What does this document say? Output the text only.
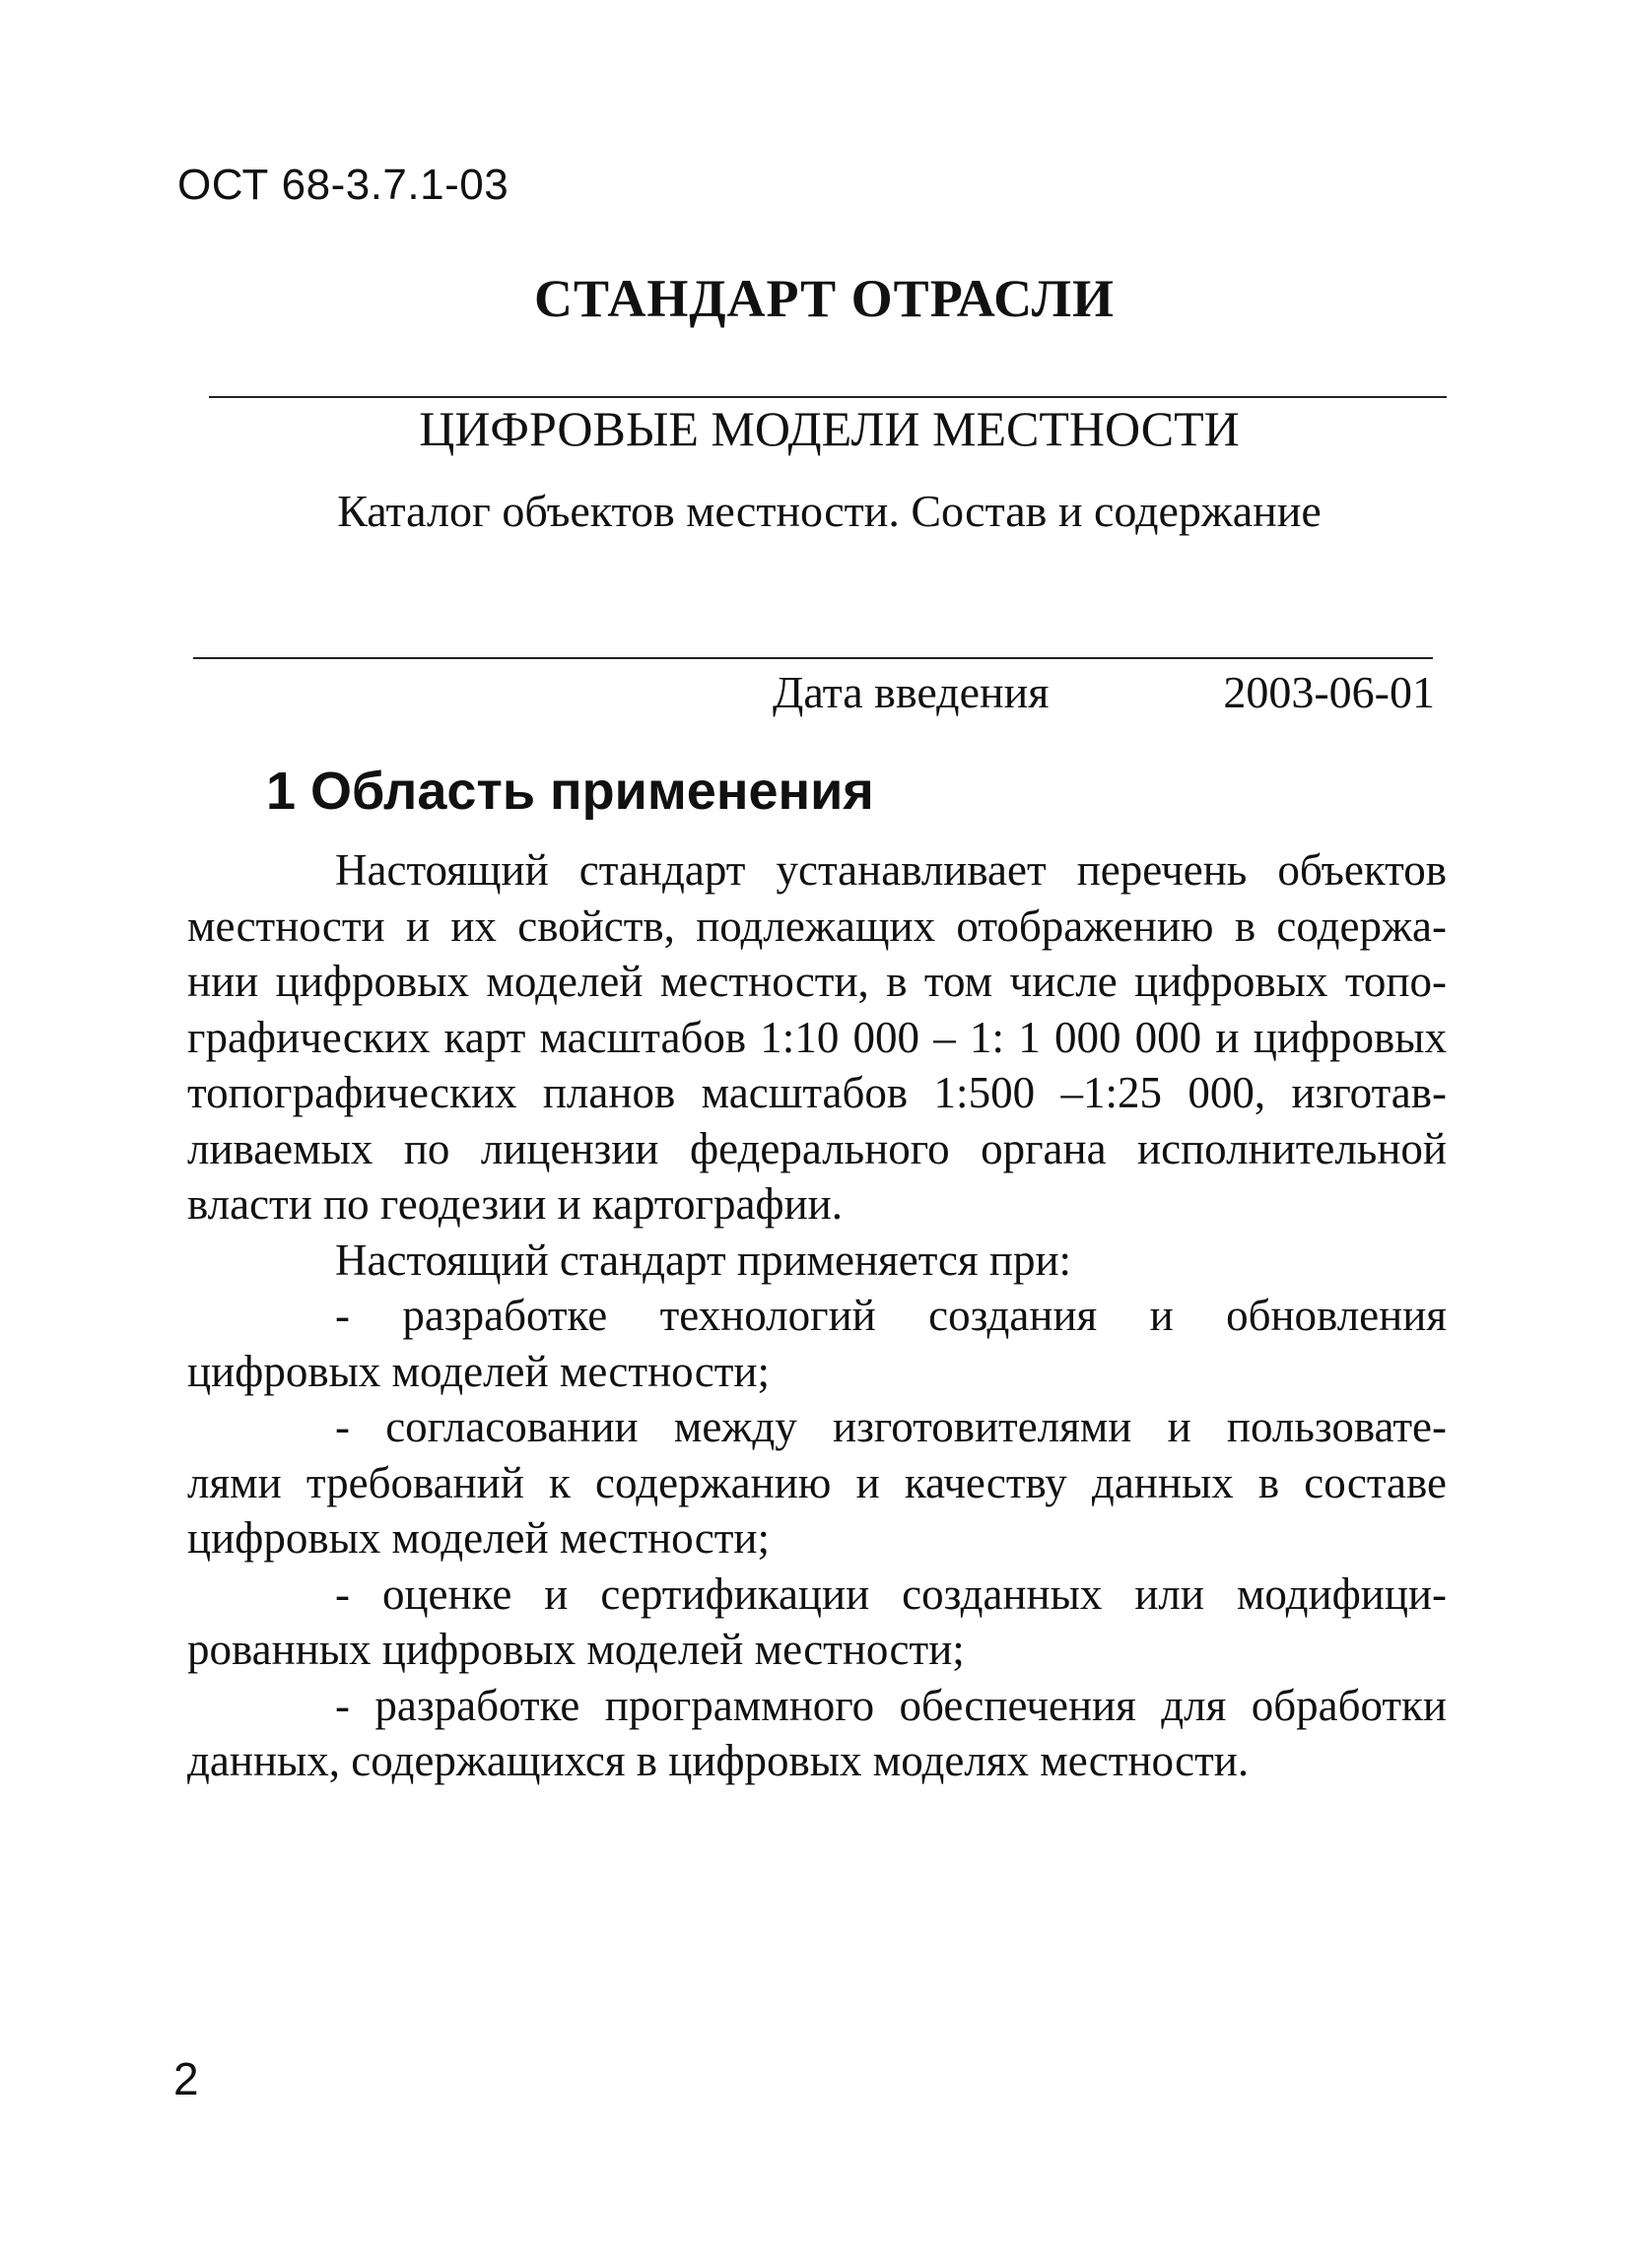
ОСТ 68-3.7.1-03
СТАНДАРТ ОТРАСЛИ
ЦИФРОВЫЕ МОДЕЛИ МЕСТНОСТИ
Каталог объектов местности. Состав и содержание
Дата введения	2003-06-01
1 Область применения
Настоящий стандарт устанавливает перечень объектов
местности и их свойств, подлежащих отображению в содержа-
нии цифровых моделей местности, в том числе цифровых топо-
графических карт масштабов 1:10 000 – 1: 1 000 000 и цифровых
топографических планов масштабов 1:500 –1:25 000, изготав-
ливаемых по лицензии федерального органа исполнительной
власти по геодезии и картографии.
Настоящий стандарт применяется при:
- разработке технологий создания и обновления
цифровых моделей местности;
- согласовании между изготовителями и пользовате-
лями требований к содержанию и качеству данных в составе
цифровых моделей местности;
- оценке и сертификации созданных или модифици-
рованных цифровых моделей местности;
- разработке программного обеспечения для обработки
данных, содержащихся в цифровых моделях местности.
2
